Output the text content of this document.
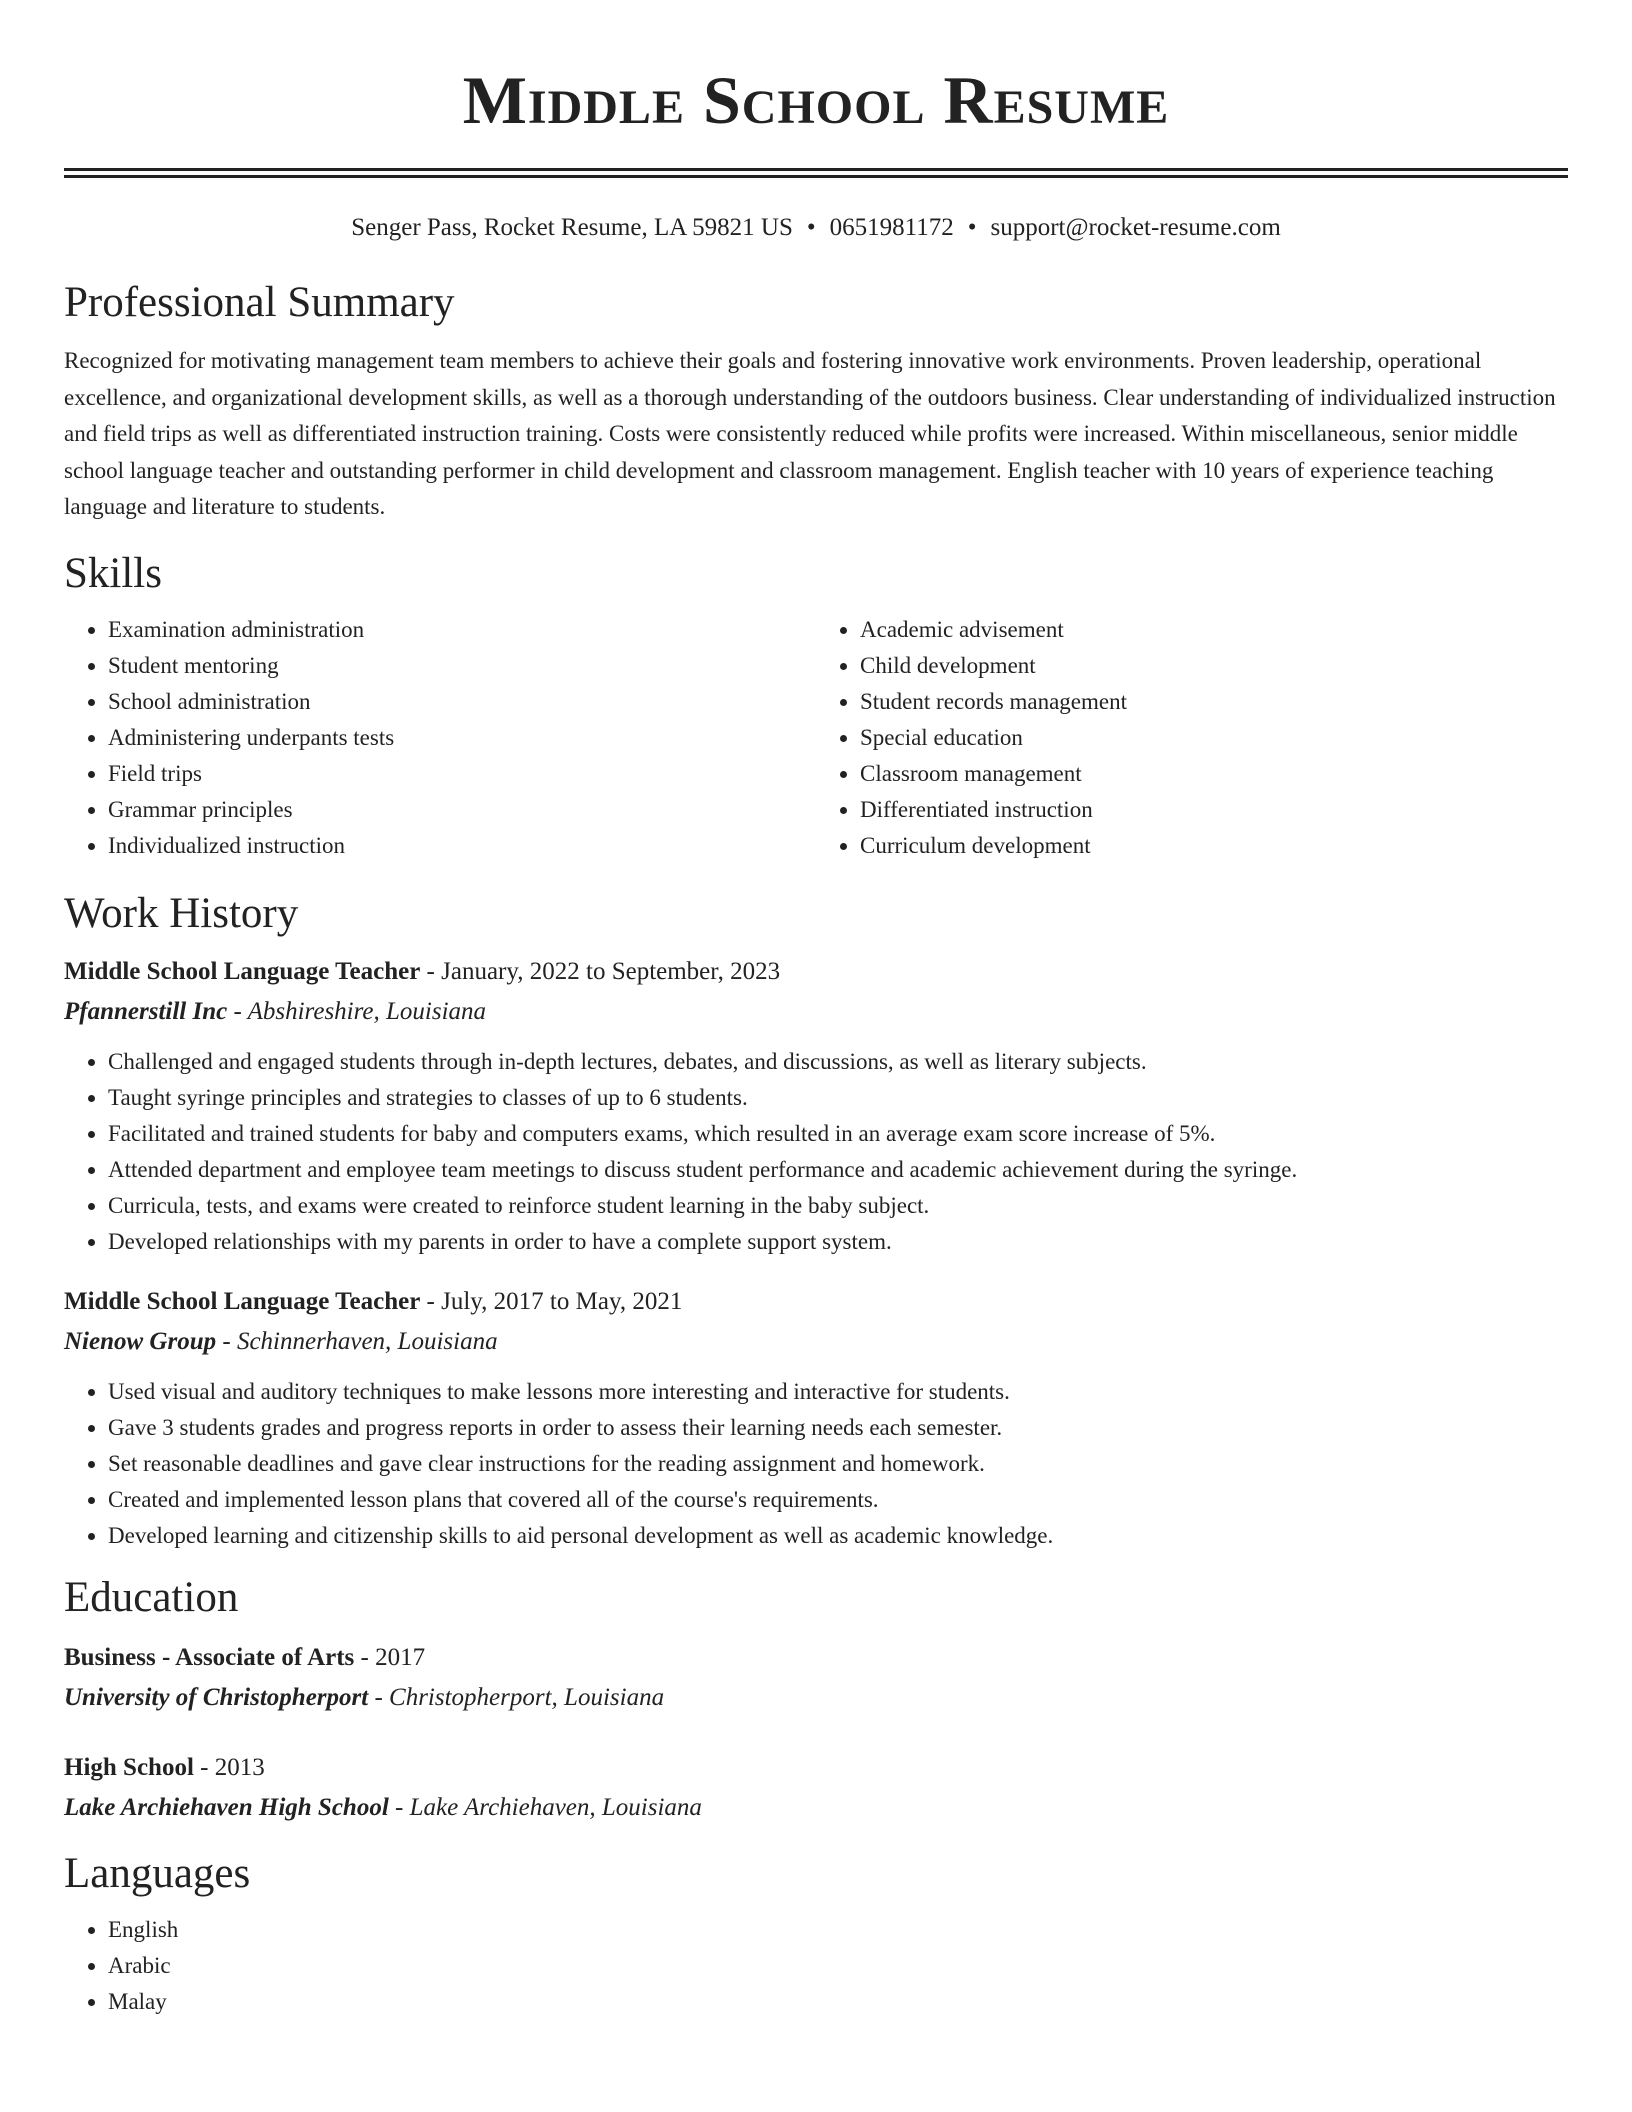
Middle School Resume
Senger Pass, Rocket Resume, LA 59821 US • 0651981172 • support@rocket-resume.com
Professional Summary

Recognized for motivating management team members to achieve their goals and fostering innovative work environments. Proven leadership, operational excellence, and organizational development skills, as well as a thorough understanding of the outdoors business. Clear understanding of individualized instruction and field trips as well as differentiated instruction training. Costs were consistently reduced while profits were increased. Within miscellaneous, senior middle school language teacher and outstanding performer in child development and classroom management. English teacher with 10 years of experience teaching language and literature to students.

Skills
• Examination administration
• Student mentoring
• School administration
• Administering underpants tests
• Field trips
• Grammar principles
• Individualized instruction
• Academic advisement
• Child development
• Student records management
• Special education
• Classroom management
• Differentiated instruction
• Curriculum development
Work History

Middle School Language Teacher - January, 2022 to September, 2023

Pfannerstill Inc - Abshireshire, Louisiana

• Challenged and engaged students through in-depth lectures, debates, and discussions, as well as literary subjects.
• Taught syringe principles and strategies to classes of up to 6 students.
• Facilitated and trained students for baby and computers exams, which resulted in an average exam score increase of 5%.
• Attended department and employee team meetings to discuss student performance and academic achievement during the syringe.
• Curricula, tests, and exams were created to reinforce student learning in the baby subject.
• Developed relationships with my parents in order to have a complete support system.

Middle School Language Teacher - July, 2017 to May, 2021

Nienow Group - Schinnerhaven, Louisiana

• Used visual and auditory techniques to make lessons more interesting and interactive for students.
• Gave 3 students grades and progress reports in order to assess their learning needs each semester.
• Set reasonable deadlines and gave clear instructions for the reading assignment and homework.
• Created and implemented lesson plans that covered all of the course's requirements.
• Developed learning and citizenship skills to aid personal development as well as academic knowledge.
Education

Business - Associate of Arts - 2017

University of Christopherport - Christopherport, Louisiana

High School - 2013

Lake Archiehaven High School - Lake Archiehaven, Louisiana

Languages
• English
• Arabic
• Malay
